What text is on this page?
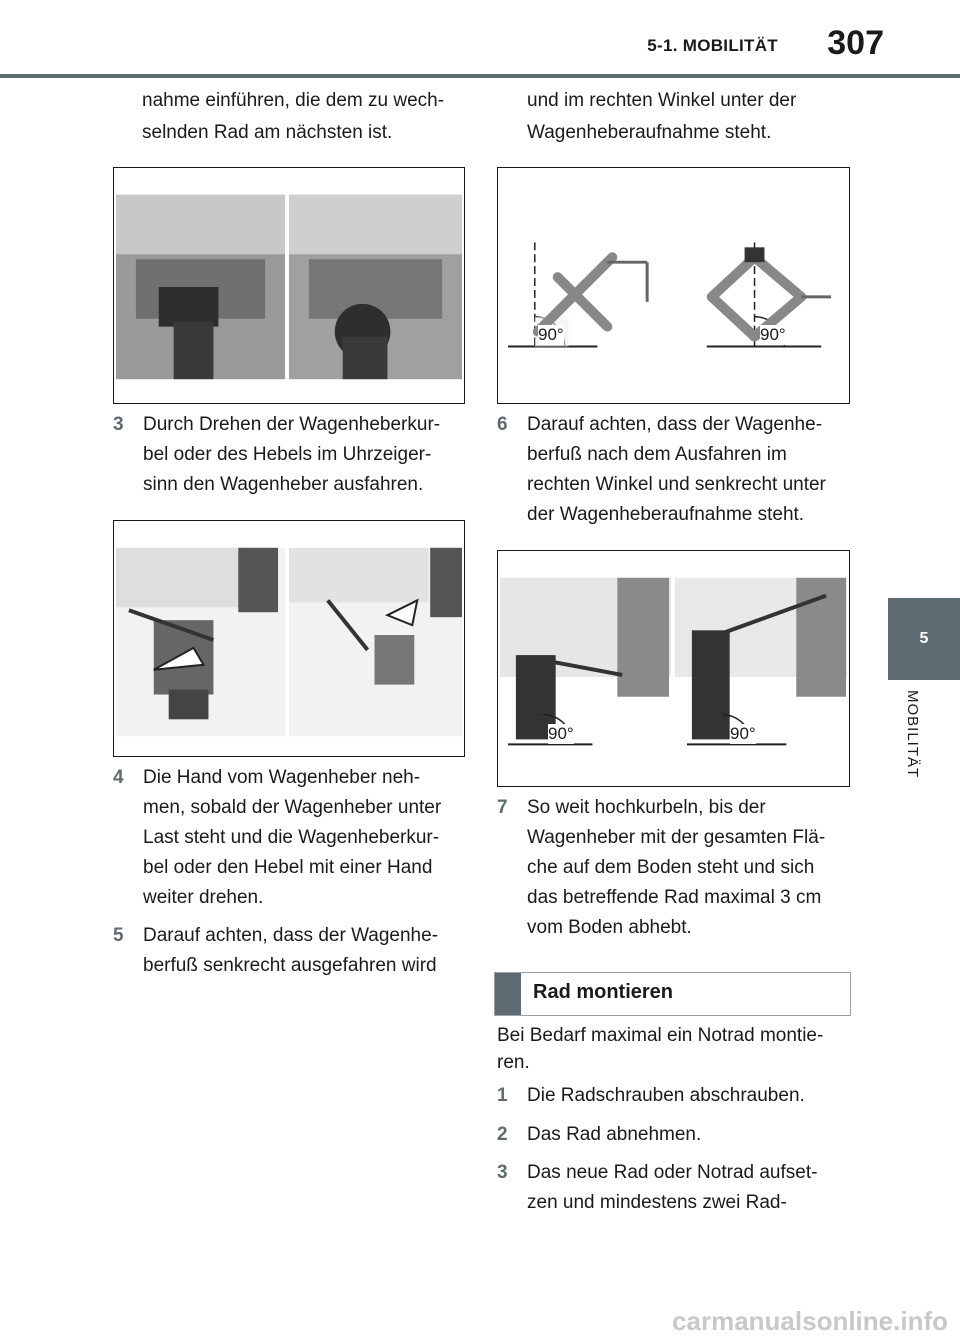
5-1. MOBILITÄT 307
5
MOBILITÄT

nahme einführen, die dem zu wech-

selnden Rad am nächsten ist.

3	Durch Drehen der Wagenheberkur-
bel oder des Hebels im Uhrzeiger-
sinn den Wagenheber ausfahren.
4	Die Hand vom Wagenheber neh-
men, sobald der Wagenheber unter
Last steht und die Wagenheberkur-
bel oder den Hebel mit einer Hand
weiter drehen.
5	Darauf achten, dass der Wagenhe-
berfuß senkrecht ausgefahren wird

und im rechten Winkel unter der

Wagenheberaufnahme steht.

90°	90°
6	Darauf achten, dass der Wagenhe-
berfuß nach dem Ausfahren im
rechten Winkel und senkrecht unter
der Wagenheberaufnahme steht.
90°	90°
7	So weit hochkurbeln, bis der
Wagenheber mit der gesamten Flä-
che auf dem Boden steht und sich
das betreffende Rad maximal 3 cm
vom Boden abhebt.
Rad montieren

Bei Bedarf maximal ein Notrad montie-

ren.

1	Die Radschrauben abschrauben.
2	Das Rad abnehmen.
3	Das neue Rad oder Notrad aufset-
zen und mindestens zwei Rad-
carmanualsonline.info
